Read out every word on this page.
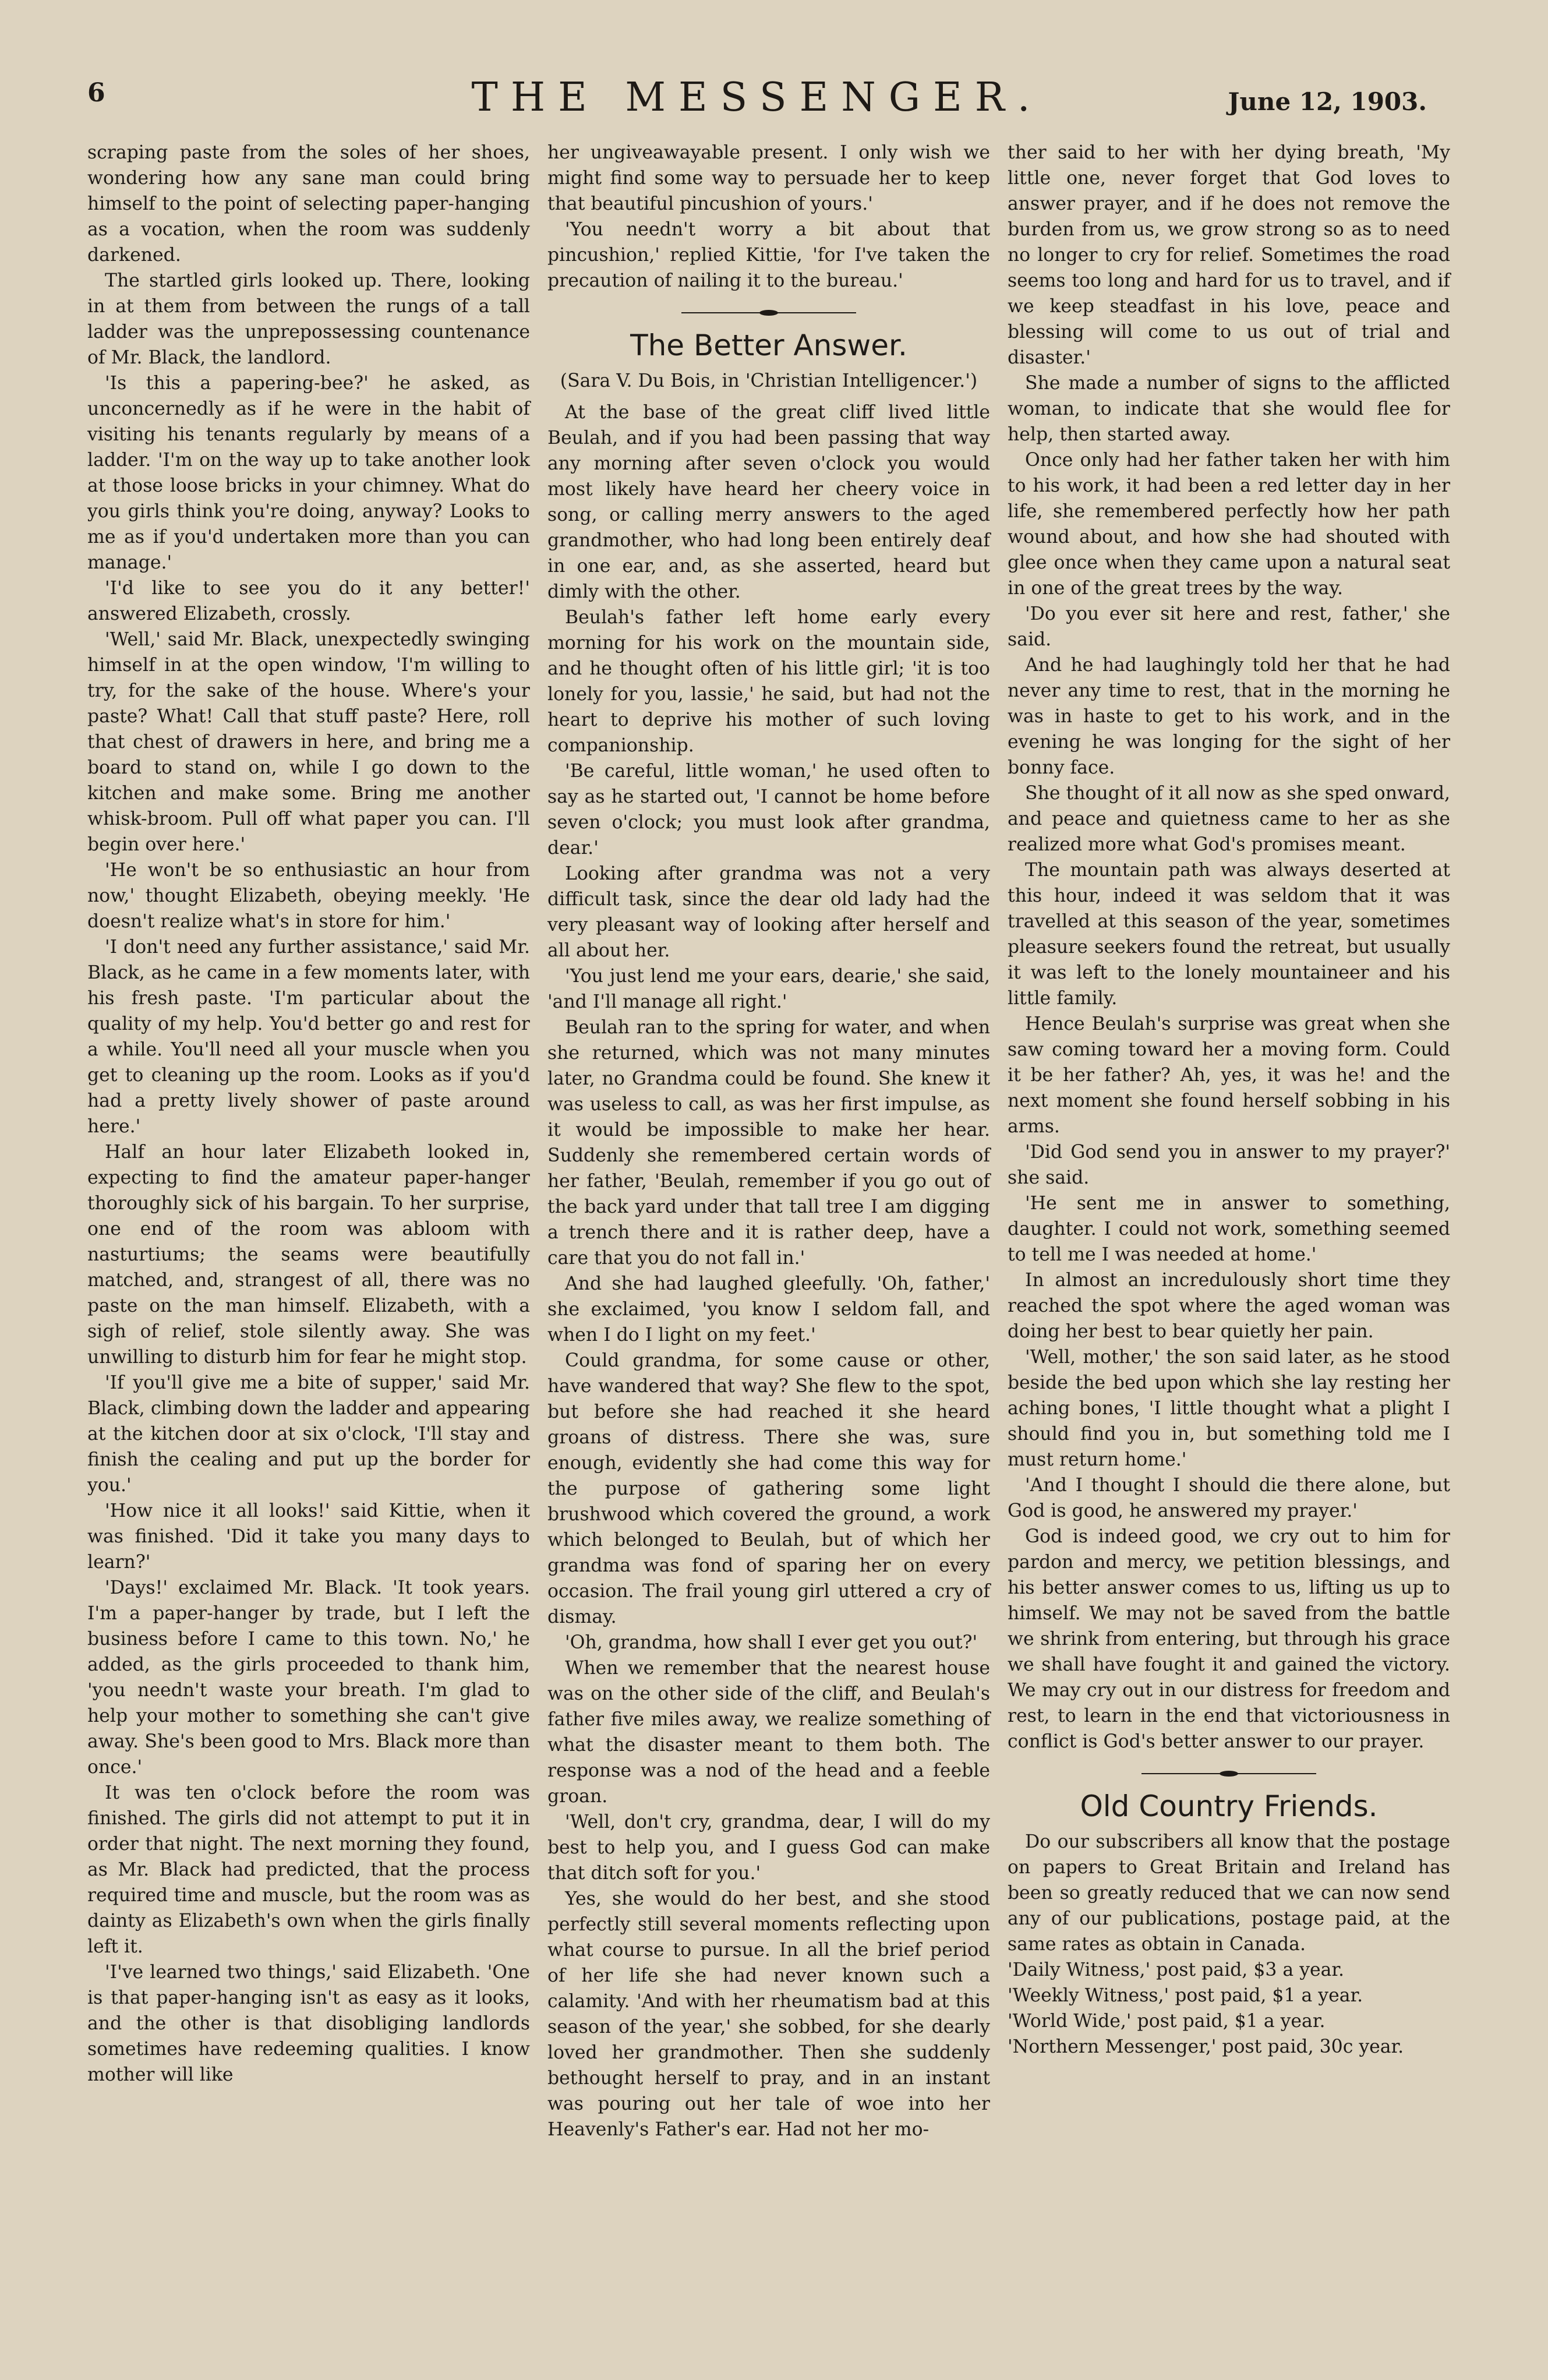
6	THE MESSENGER.	June 12, 1903.

scraping paste from the soles of her shoes, wondering how any sane man could bring himself to the point of selecting paper-hanging as a vocation, when the room was suddenly darkened.

The startled girls looked up. There, looking in at them from between the rungs of a tall ladder was the unprepossessing countenance of Mr. Black, the landlord.

'Is this a papering-bee?' he asked, as unconcernedly as if he were in the habit of visiting his tenants regularly by means of a ladder. 'I'm on the way up to take another look at those loose bricks in your chimney. What do you girls think you're doing, anyway? Looks to me as if you'd undertaken more than you can manage.'

'I'd like to see you do it any better!' answered Elizabeth, crossly.

'Well,' said Mr. Black, unexpectedly swinging himself in at the open window, 'I'm willing to try, for the sake of the house. Where's your paste? What! Call that stuff paste? Here, roll that chest of drawers in here, and bring me a board to stand on, while I go down to the kitchen and make some. Bring me another whisk-broom. Pull off what paper you can. I'll begin over here.'

'He won't be so enthusiastic an hour from now,' thought Elizabeth, obeying meekly. 'He doesn't realize what's in store for him.'

'I don't need any further assistance,' said Mr. Black, as he came in a few moments later, with his fresh paste. 'I'm particular about the quality of my help. You'd better go and rest for a while. You'll need all your muscle when you get to cleaning up the room. Looks as if you'd had a pretty lively shower of paste around here.'

Half an hour later Elizabeth looked in, expecting to find the amateur paper-hanger thoroughly sick of his bargain. To her surprise, one end of the room was abloom with nasturtiums; the seams were beautifully matched, and, strangest of all, there was no paste on the man himself. Elizabeth, with a sigh of relief, stole silently away. She was unwilling to disturb him for fear he might stop.

'If you'll give me a bite of supper,' said Mr. Black, climbing down the ladder and appearing at the kitchen door at six o'clock, 'I'll stay and finish the cealing and put up the border for you.'

'How nice it all looks!' said Kittie, when it was finished. 'Did it take you many days to learn?'

'Days!' exclaimed Mr. Black. 'It took years. I'm a paper-hanger by trade, but I left the business before I came to this town. No,' he added, as the girls proceeded to thank him, 'you needn't waste your breath. I'm glad to help your mother to something she can't give away. She's been good to Mrs. Black more than once.'

It was ten o'clock before the room was finished. The girls did not attempt to put it in order that night. The next morning they found, as Mr. Black had predicted, that the process required time and muscle, but the room was as dainty as Elizabeth's own when the girls finally left it.

'I've learned two things,' said Elizabeth. 'One is that paper-hanging isn't as easy as it looks, and the other is that disobliging landlords sometimes have redeeming qualities. I know mother will like

her ungiveawayable present. I only wish we might find some way to persuade her to keep that beautiful pincushion of yours.'

'You needn't worry a bit about that pincushion,' replied Kittie, 'for I've taken the precaution of nailing it to the bureau.'

The Better Answer.
(Sara V. Du Bois, in 'Christian Intelligencer.')

At the base of the great cliff lived little Beulah, and if you had been passing that way any morning after seven o'clock you would most likely have heard her cheery voice in song, or calling merry answers to the aged grandmother, who had long been entirely deaf in one ear, and, as she asserted, heard but dimly with the other.

Beulah's father left home early every morning for his work on the mountain side, and he thought often of his little girl; 'it is too lonely for you, lassie,' he said, but had not the heart to deprive his mother of such loving companionship.

'Be careful, little woman,' he used often to say as he started out, 'I cannot be home before seven o'clock; you must look after grandma, dear.'

Looking after grandma was not a very difficult task, since the dear old lady had the very pleasant way of looking after herself and all about her.

'You just lend me your ears, dearie,' she said, 'and I'll manage all right.'

Beulah ran to the spring for water, and when she returned, which was not many minutes later, no Grandma could be found. She knew it was useless to call, as was her first impulse, as it would be impossible to make her hear. Suddenly she remembered certain words of her father, 'Beulah, remember if you go out of the back yard under that tall tree I am digging a trench there and it is rather deep, have a care that you do not fall in.'

And she had laughed gleefully. 'Oh, father,' she exclaimed, 'you know I seldom fall, and when I do I light on my feet.'

Could grandma, for some cause or other, have wandered that way? She flew to the spot, but before she had reached it she heard groans of distress. There she was, sure enough, evidently she had come this way for the purpose of gathering some light brushwood which covered the ground, a work which belonged to Beulah, but of which her grandma was fond of sparing her on every occasion. The frail young girl uttered a cry of dismay.

'Oh, grandma, how shall I ever get you out?'

When we remember that the nearest house was on the other side of the cliff, and Beulah's father five miles away, we realize something of what the disaster meant to them both. The response was a nod of the head and a feeble groan.

'Well, don't cry, grandma, dear, I will do my best to help you, and I guess God can make that ditch soft for you.'

Yes, she would do her best, and she stood perfectly still several moments reflecting upon what course to pursue. In all the brief period of her life she had never known such a calamity. 'And with her rheumatism bad at this season of the year,' she sobbed, for she dearly loved her grandmother. Then she suddenly bethought herself to pray, and in an instant was pouring out her tale of woe into her Heavenly's Father's ear. Had not her mo-

ther said to her with her dying breath, 'My little one, never forget that God loves to answer prayer, and if he does not remove the burden from us, we grow strong so as to need no longer to cry for relief. Sometimes the road seems too long and hard for us to travel, and if we keep steadfast in his love, peace and blessing will come to us out of trial and disaster.'

She made a number of signs to the afflicted woman, to indicate that she would flee for help, then started away.

Once only had her father taken her with him to his work, it had been a red letter day in her life, she remembered perfectly how her path wound about, and how she had shouted with glee once when they came upon a natural seat in one of the great trees by the way.

'Do you ever sit here and rest, father,' she said.

And he had laughingly told her that he had never any time to rest, that in the morning he was in haste to get to his work, and in the evening he was longing for the sight of her bonny face.

She thought of it all now as she sped onward, and peace and quietness came to her as she realized more what God's promises meant.

The mountain path was always deserted at this hour, indeed it was seldom that it was travelled at this season of the year, sometimes pleasure seekers found the retreat, but usually it was left to the lonely mountaineer and his little family.

Hence Beulah's surprise was great when she saw coming toward her a moving form. Could it be her father? Ah, yes, it was he! and the next moment she found herself sobbing in his arms.

'Did God send you in answer to my prayer?' she said.

'He sent me in answer to something, daughter. I could not work, something seemed to tell me I was needed at home.'

In almost an incredulously short time they reached the spot where the aged woman was doing her best to bear quietly her pain.

'Well, mother,' the son said later, as he stood beside the bed upon which she lay resting her aching bones, 'I little thought what a plight I should find you in, but something told me I must return home.'

'And I thought I should die there alone, but God is good, he answered my prayer.'

God is indeed good, we cry out to him for pardon and mercy, we petition blessings, and his better answer comes to us, lifting us up to himself. We may not be saved from the battle we shrink from entering, but through his grace we shall have fought it and gained the victory. We may cry out in our distress for freedom and rest, to learn in the end that victoriousness in conflict is God's better answer to our prayer.

Old Country Friends.

Do our subscribers all know that the postage on papers to Great Britain and Ireland has been so greatly reduced that we can now send any of our publications, postage paid, at the same rates as obtain in Canada.

'Daily Witness,' post paid, $3 a year.

'Weekly Witness,' post paid, $1 a year.

'World Wide,' post paid, $1 a year.

'Northern Messenger,' post paid, 30c year.
